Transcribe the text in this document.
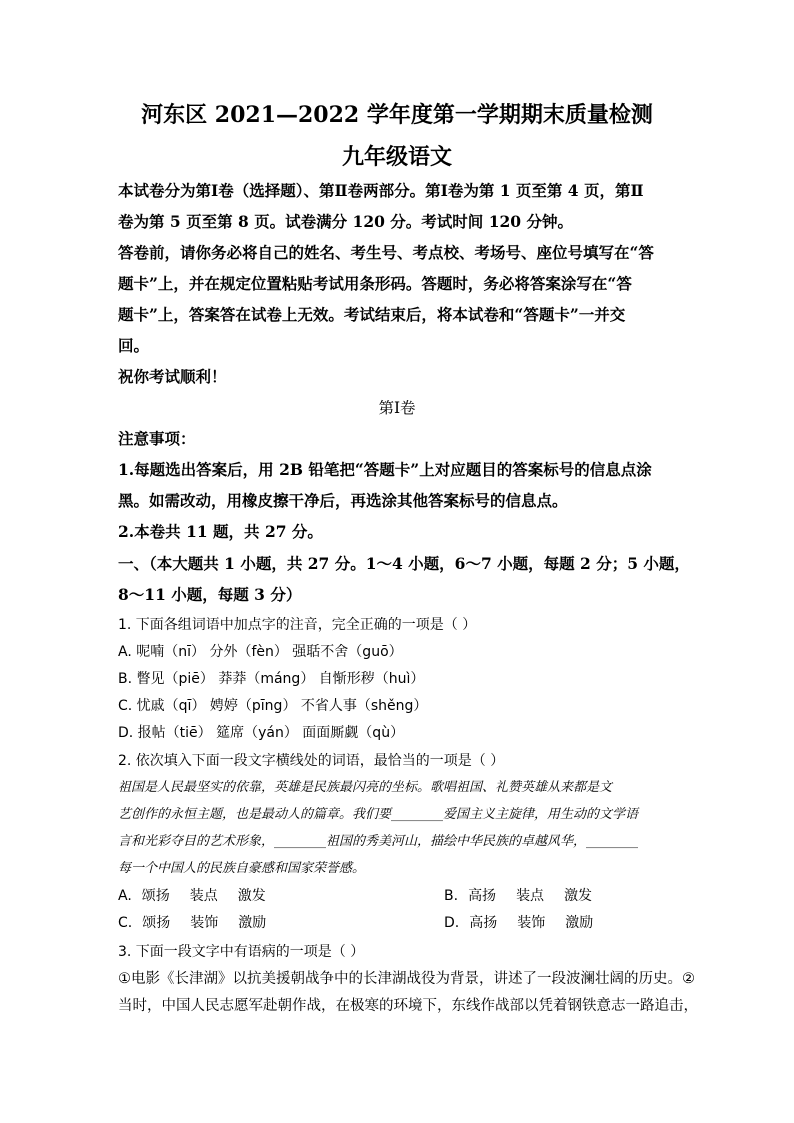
河东区 2021—2022 学年度第一学期期末质量检测
九年级语文
本试卷分为第Ⅰ卷（选择题）、第Ⅱ卷两部分。第Ⅰ卷为第 1 页至第 4 页，第Ⅱ
卷为第 5 页至第 8 页。试卷满分 120 分。考试时间 120 分钟。
答卷前，请你务必将自己的姓名、考生号、考点校、考场号、座位号填写在“答
题卡”上，并在规定位置粘贴考试用条形码。答题时，务必将答案涂写在“答
题卡”上，答案答在试卷上无效。考试结束后，将本试卷和“答题卡”一并交
回。
祝你考试顺利！
第Ⅰ卷
注意事项：
1.每题选出答案后，用 2B 铅笔把“答题卡”上对应题目的答案标号的信息点涂
黑。如需改动，用橡皮擦干净后，再选涂其他答案标号的信息点。
2.本卷共 11 题，共 27 分。
一、（本大题共 1 小题，共 27 分。1～4 小题，6～7 小题，每题 2 分；5 小题，
8～11 小题，每题 3 分）
1. 下面各组词语中加点字的注音，完全正确的一项是（ ）
A. 呢喃（nī） 分外（fèn） 强聒不舍（guō）
B. 瞥见（piē） 莽莽（máng） 自惭形秽（huì）
C. 忧戚（qī） 娉婷（pīng） 不省人事（shěng）
D. 报帖（tiē） 筵席（yán） 面面厮觑（qù）
2. 依次填入下面一段文字横线处的词语，最恰当的一项是（ ）
祖国是人民最坚实的依靠，英雄是民族最闪亮的坐标。歌唱祖国、礼赞英雄从来都是文
艺创作的永恒主题，也是最动人的篇章。我们要________爱国主义主旋律，用生动的文学语
言和光彩夺目的艺术形象，________祖国的秀美河山，描绘中华民族的卓越风华，________
每一个中国人的民族自豪感和国家荣誉感。
A. 颂扬 装点 激发	B. 高扬 装点 激发
C. 颂扬 装饰 激励	D. 高扬 装饰 激励
3. 下面一段文字中有语病的一项是（ ）
①电影《长津湖》以抗美援朝战争中的长津湖战役为背景，讲述了一段波澜壮阔的历史。②
当时，中国人民志愿军赴朝作战，在极寒的环境下，东线作战部以凭着钢铁意志一路追击，
